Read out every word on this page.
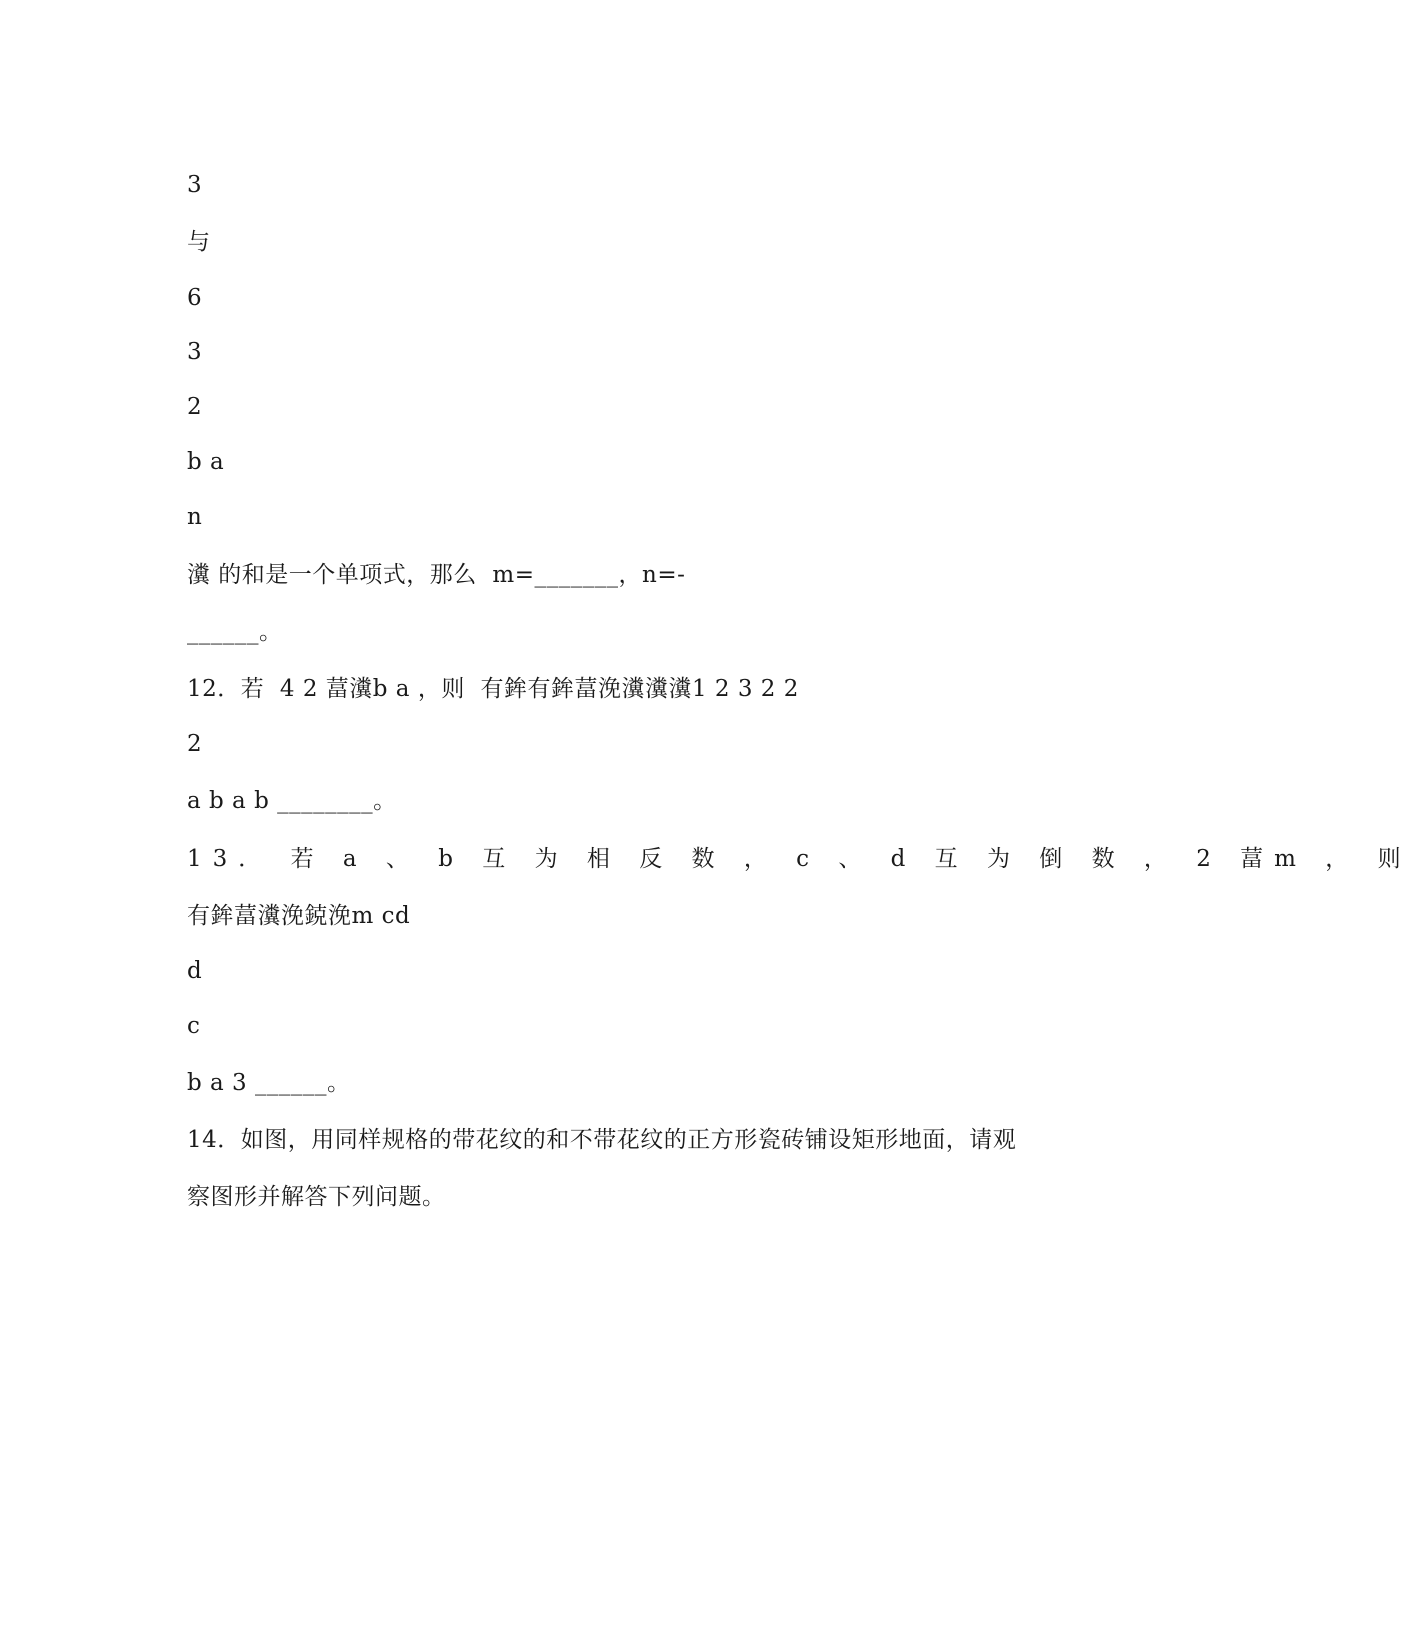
3
与
6
3
2
b a
n
瀵 的和是一个单项式，那么  m=_______，n=-
______。
12．若  4 2 葍瀵b a ，则  有鉾有鉾葍浼瀵瀵瀵1 2 3 2 2
2
a b a b ________。
13． 若 a 、 b 互 为 相 反 数 ， c 、 d 互 为 倒 数 ， 2 葍m ， 则
有鉾葍瀵浼鋴浼m cd
d
c
b a 3 ______。
14．如图，用同样规格的带花纹的和不带花纹的正方形瓷砖铺设矩形地面，请观
察图形并解答下列问题。
